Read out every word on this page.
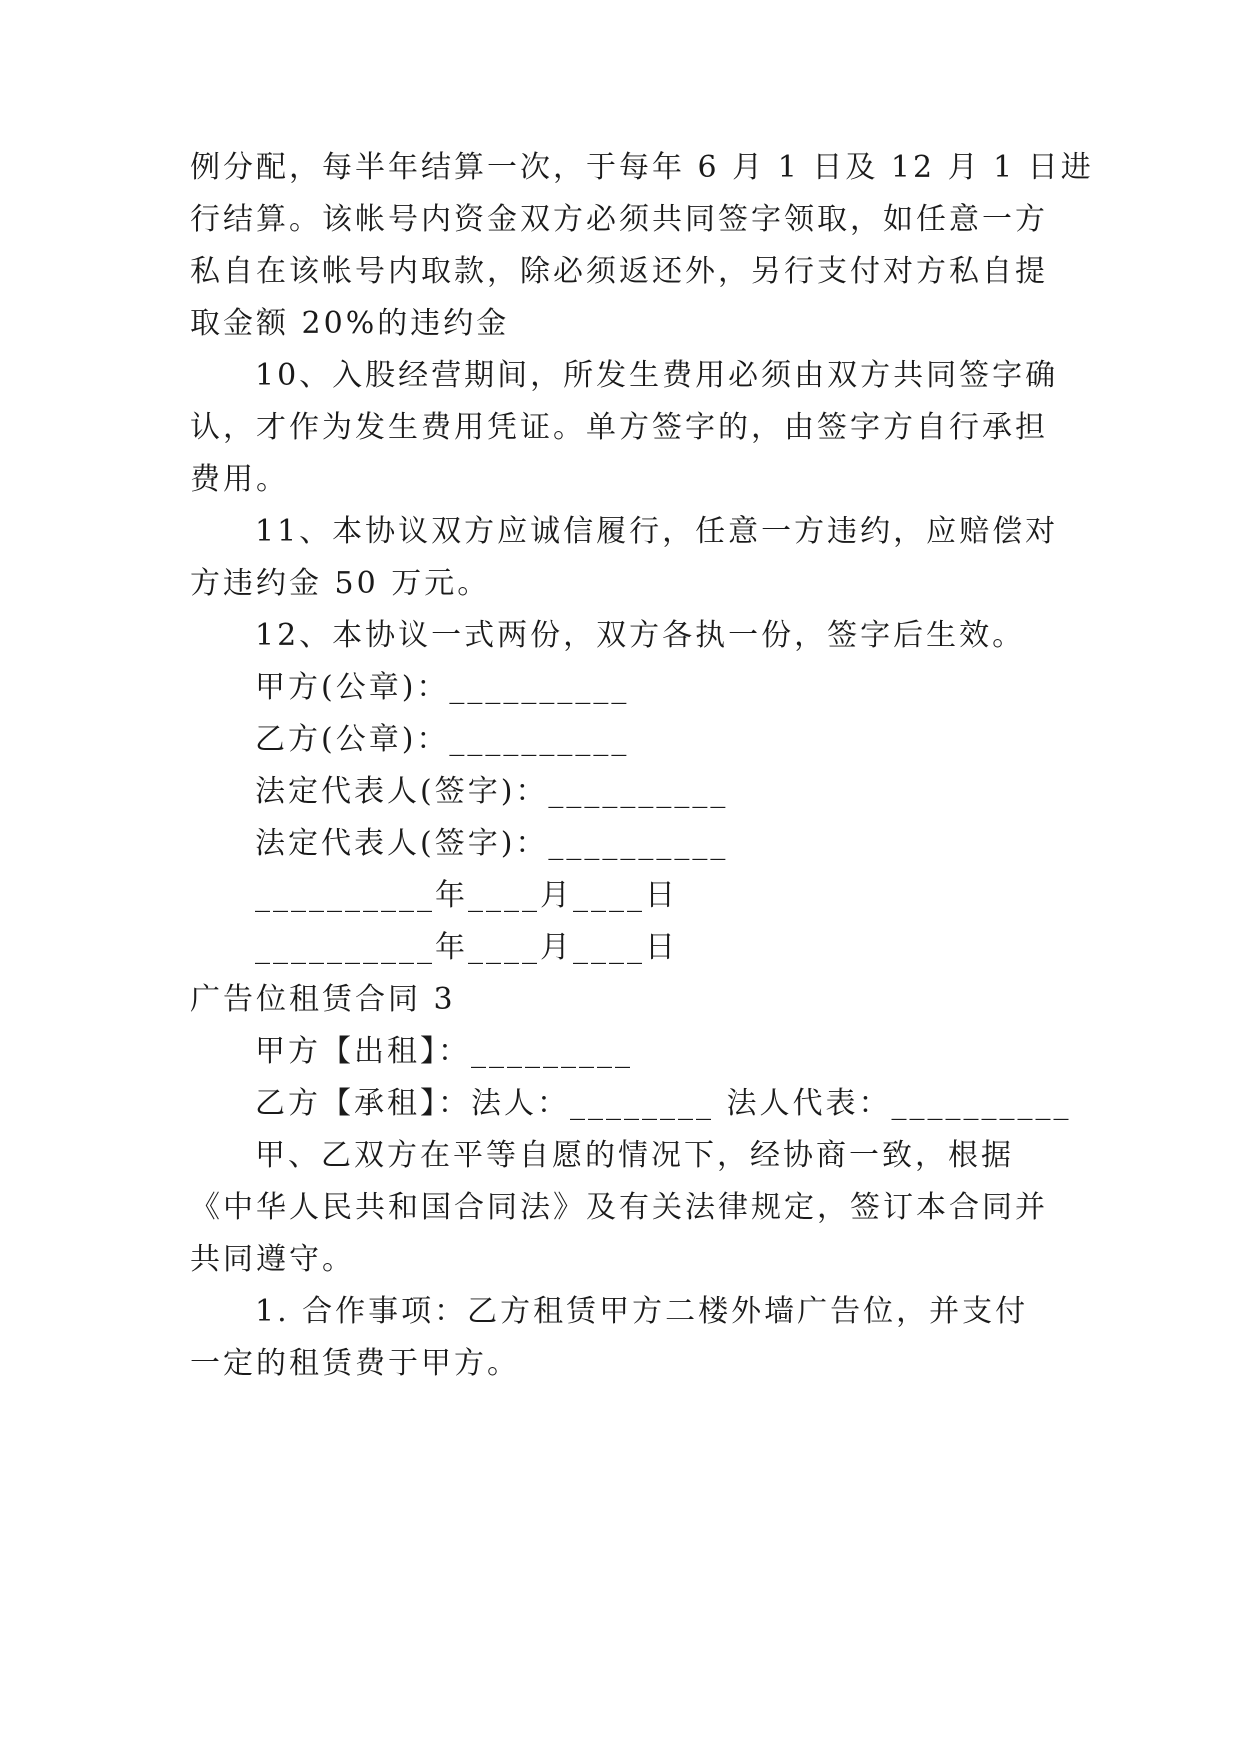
例分配，每半年结算一次，于每年 6 月 1 日及 12 月 1 日进
行结算。该帐号内资金双方必须共同签字领取，如任意一方
私自在该帐号内取款，除必须返还外，另行支付对方私自提
取金额 20%的违约金
10、入股经营期间，所发生费用必须由双方共同签字确
认，才作为发生费用凭证。单方签字的，由签字方自行承担
费用。
11、本协议双方应诚信履行，任意一方违约，应赔偿对
方违约金 50 万元。
12、本协议一式两份，双方各执一份，签字后生效。
甲方(公章)：__________
乙方(公章)：__________
法定代表人(签字)：__________
法定代表人(签字)：__________
__________年____月____日
__________年____月____日
广告位租赁合同 3
甲方【出租】：_________
乙方【承租】：法人：________ 法人代表：__________
甲、乙双方在平等自愿的情况下，经协商一致，根据
《中华人民共和国合同法》及有关法律规定，签订本合同并
共同遵守。
1. 合作事项：乙方租赁甲方二楼外墙广告位，并支付
一定的租赁费于甲方。
